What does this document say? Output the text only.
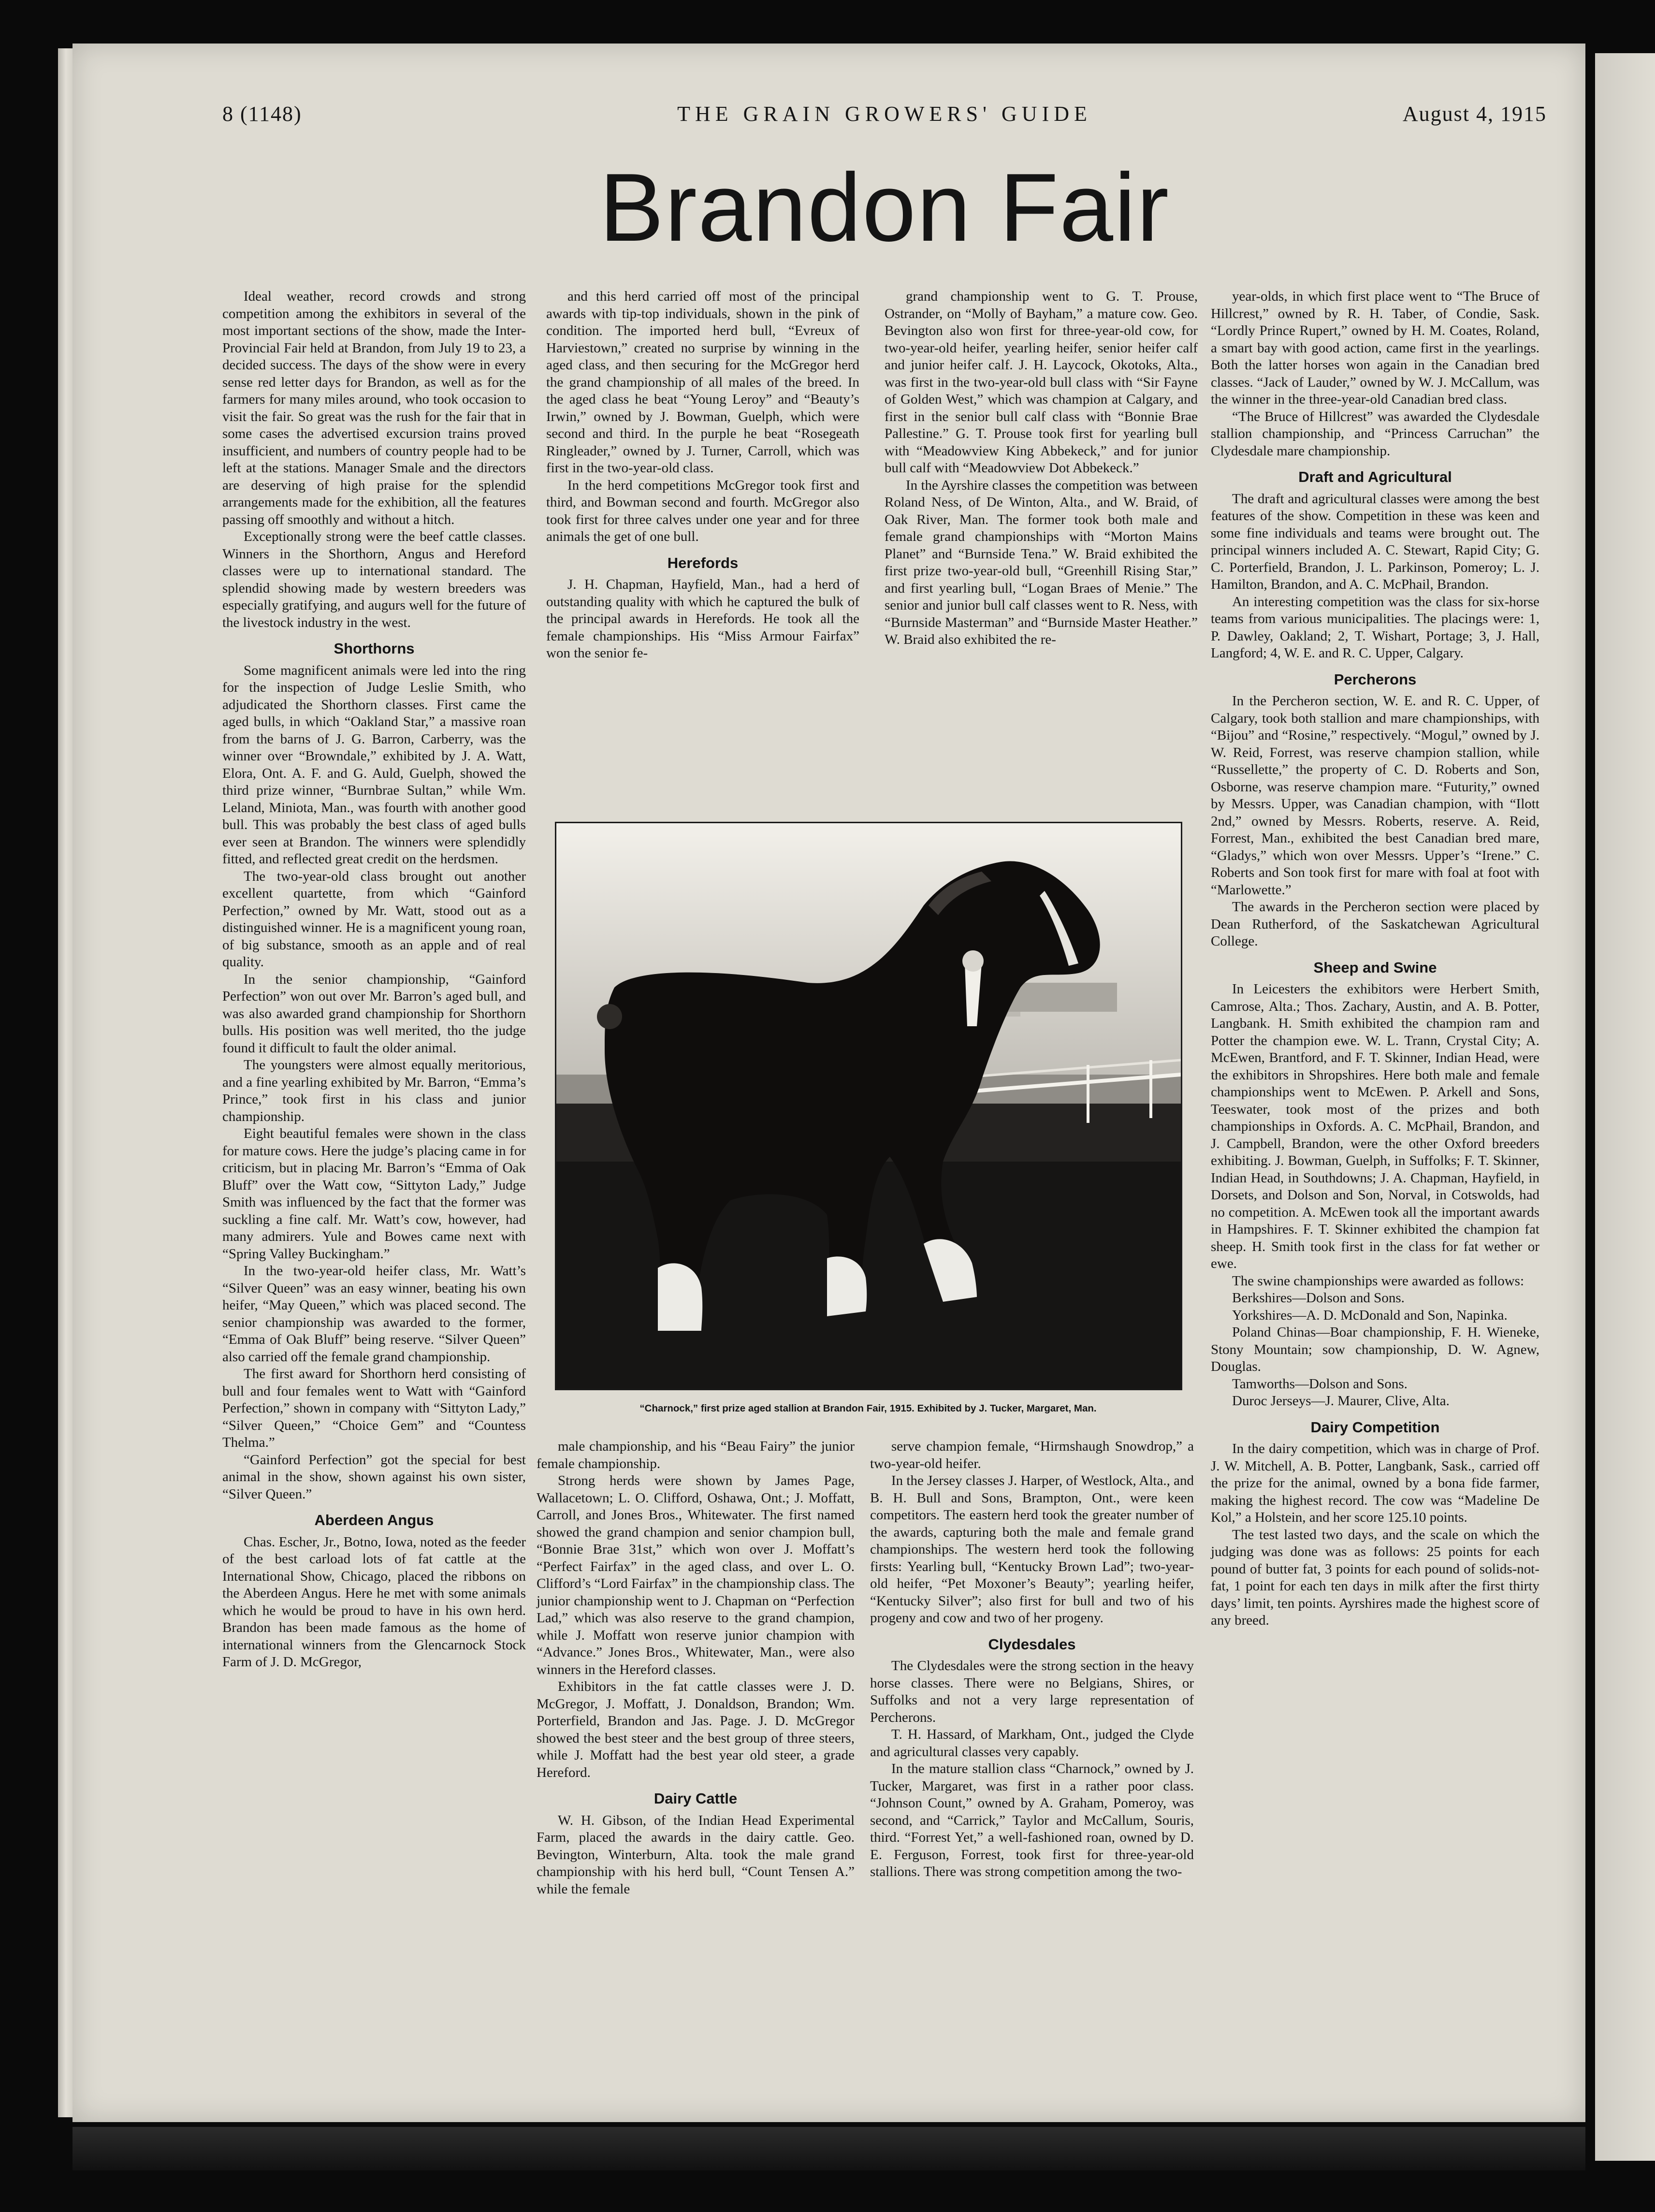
8 (1148)	THE GRAIN GROWERS' GUIDE	August 4, 1915
Brandon Fair

Ideal weather, record crowds and strong competition among the exhibitors in several of the most important sections of the show, made the Inter-Provincial Fair held at Brandon, from July 19 to 23, a decided success. The days of the show were in every sense red letter days for Brandon, as well as for the farmers for many miles around, who took occasion to visit the fair. So great was the rush for the fair that in some cases the advertised excursion trains proved insufficient, and numbers of country people had to be left at the stations. Manager Smale and the directors are deserving of high praise for the splendid arrangements made for the exhibition, all the features passing off smoothly and without a hitch.

Exceptionally strong were the beef cattle classes. Winners in the Shorthorn, Angus and Hereford classes were up to international standard. The splendid showing made by western breeders was especially gratifying, and augurs well for the future of the livestock industry in the west.

Shorthorns

Some magnificent animals were led into the ring for the inspection of Judge Leslie Smith, who adjudicated the Shorthorn classes. First came the aged bulls, in which “Oakland Star,” a massive roan from the barns of J. G. Barron, Carberry, was the winner over “Browndale,” exhibited by J. A. Watt, Elora, Ont. A. F. and G. Auld, Guelph, showed the third prize winner, “Burnbrae Sultan,” while Wm. Leland, Miniota, Man., was fourth with another good bull. This was probably the best class of aged bulls ever seen at Brandon. The winners were splendidly fitted, and reflected great credit on the herdsmen.

The two-year-old class brought out another excellent quartette, from which “Gainford Perfection,” owned by Mr. Watt, stood out as a distinguished winner. He is a magnificent young roan, of big substance, smooth as an apple and of real quality.

In the senior championship, “Gainford Perfection” won out over Mr. Barron’s aged bull, and was also awarded grand championship for Shorthorn bulls. His position was well merited, tho the judge found it difficult to fault the older animal.

The youngsters were almost equally meritorious, and a fine yearling exhibited by Mr. Barron, “Emma’s Prince,” took first in his class and junior championship.

Eight beautiful females were shown in the class for mature cows. Here the judge’s placing came in for criticism, but in placing Mr. Barron’s “Emma of Oak Bluff” over the Watt cow, “Sittyton Lady,” Judge Smith was influenced by the fact that the former was suckling a fine calf. Mr. Watt’s cow, however, had many admirers. Yule and Bowes came next with “Spring Valley Buckingham.”

In the two-year-old heifer class, Mr. Watt’s “Silver Queen” was an easy winner, beating his own heifer, “May Queen,” which was placed second. The senior championship was awarded to the former, “Emma of Oak Bluff” being reserve. “Silver Queen” also carried off the female grand championship.

The first award for Shorthorn herd consisting of bull and four females went to Watt with “Gainford Perfection,” shown in company with “Sittyton Lady,” “Silver Queen,” “Choice Gem” and “Countess Thelma.”

“Gainford Perfection” got the special for best animal in the show, shown against his own sister, “Silver Queen.”

Aberdeen Angus

Chas. Escher, Jr., Botno, Iowa, noted as the feeder of the best carload lots of fat cattle at the International Show, Chicago, placed the ribbons on the Aberdeen Angus. Here he met with some animals which he would be proud to have in his own herd. Brandon has been made famous as the home of international winners from the Glencarnock Stock Farm of J. D. McGregor,

and this herd carried off most of the principal awards with tip-top individuals, shown in the pink of condition. The imported herd bull, “Evreux of Harviestown,” created no surprise by winning in the aged class, and then securing for the McGregor herd the grand championship of all males of the breed. In the aged class he beat “Young Leroy” and “Beauty’s Irwin,” owned by J. Bowman, Guelph, which were second and third. In the purple he beat “Rosegeath Ringleader,” owned by J. Turner, Carroll, which was first in the two-year-old class.

In the herd competitions McGregor took first and third, and Bowman second and fourth. McGregor also took first for three calves under one year and for three animals the get of one bull.

Herefords

J. H. Chapman, Hayfield, Man., had a herd of outstanding quality with which he captured the bulk of the principal awards in Herefords. He took all the female championships. His “Miss Armour Fairfax” won the senior fe-

grand championship went to G. T. Prouse, Ostrander, on “Molly of Bayham,” a mature cow. Geo. Bevington also won first for three-year-old cow, for two-year-old heifer, yearling heifer, senior heifer calf and junior heifer calf. J. H. Laycock, Okotoks, Alta., was first in the two-year-old bull class with “Sir Fayne of Golden West,” which was champion at Calgary, and first in the senior bull calf class with “Bonnie Brae Pallestine.” G. T. Prouse took first for yearling bull with “Meadowview King Abbekeck,” and for junior bull calf with “Meadowview Dot Abbekeck.”

In the Ayrshire classes the competition was between Roland Ness, of De Winton, Alta., and W. Braid, of Oak River, Man. The former took both male and female grand championships with “Morton Mains Planet” and “Burnside Tena.” W. Braid exhibited the first prize two-year-old bull, “Greenhill Rising Star,” and first yearling bull, “Logan Braes of Menie.” The senior and junior bull calf classes went to R. Ness, with “Burnside Masterman” and “Burnside Master Heather.” W. Braid also exhibited the re-

year-olds, in which first place went to “The Bruce of Hillcrest,” owned by R. H. Taber, of Condie, Sask. “Lordly Prince Rupert,” owned by H. M. Coates, Roland, a smart bay with good action, came first in the yearlings. Both the latter horses won again in the Canadian bred classes. “Jack of Lauder,” owned by W. J. McCallum, was the winner in the three-year-old Canadian bred class.

“The Bruce of Hillcrest” was awarded the Clydesdale stallion championship, and “Princess Carruchan” the Clydesdale mare championship.

Draft and Agricultural

The draft and agricultural classes were among the best features of the show. Competition in these was keen and some fine individuals and teams were brought out. The principal winners included A. C. Stewart, Rapid City; G. C. Porterfield, Brandon, J. L. Parkinson, Pomeroy; L. J. Hamilton, Brandon, and A. C. McPhail, Brandon.

An interesting competition was the class for six-horse teams from various municipalities. The placings were: 1, P. Dawley, Oakland; 2, T. Wishart, Portage; 3, J. Hall, Langford; 4, W. E. and R. C. Upper, Calgary.

Percherons

In the Percheron section, W. E. and R. C. Upper, of Calgary, took both stallion and mare championships, with “Bijou” and “Rosine,” respectively. “Mogul,” owned by J. W. Reid, Forrest, was reserve champion stallion, while “Russellette,” the property of C. D. Roberts and Son, Osborne, was reserve champion mare. “Futurity,” owned by Messrs. Upper, was Canadian champion, with “Ilott 2nd,” owned by Messrs. Roberts, reserve. A. Reid, Forrest, Man., exhibited the best Canadian bred mare, “Gladys,” which won over Messrs. Upper’s “Irene.” C. Roberts and Son took first for mare with foal at foot with “Marlowette.”

The awards in the Percheron section were placed by Dean Rutherford, of the Saskatchewan Agricultural College.

Sheep and Swine

In Leicesters the exhibitors were Herbert Smith, Camrose, Alta.; Thos. Zachary, Austin, and A. B. Potter, Langbank. H. Smith exhibited the champion ram and Potter the champion ewe. W. L. Trann, Crystal City; A. McEwen, Brantford, and F. T. Skinner, Indian Head, were the exhibitors in Shropshires. Here both male and female championships went to McEwen. P. Arkell and Sons, Teeswater, took most of the prizes and both championships in Oxfords. A. C. McPhail, Brandon, and J. Campbell, Brandon, were the other Oxford breeders exhibiting. J. Bowman, Guelph, in Suffolks; F. T. Skinner, Indian Head, in Southdowns; J. A. Chapman, Hayfield, in Dorsets, and Dolson and Son, Norval, in Cotswolds, had no competition. A. McEwen took all the important awards in Hampshires. F. T. Skinner exhibited the champion fat sheep. H. Smith took first in the class for fat wether or ewe.

The swine championships were awarded as follows:

Berkshires—Dolson and Sons.

Yorkshires—A. D. McDonald and Son, Napinka.

Poland Chinas—Boar championship, F. H. Wieneke, Stony Mountain; sow championship, D. W. Agnew, Douglas.

Tamworths—Dolson and Sons.

Duroc Jerseys—J. Maurer, Clive, Alta.

Dairy Competition

In the dairy competition, which was in charge of Prof. J. W. Mitchell, A. B. Potter, Langbank, Sask., carried off the prize for the animal, owned by a bona fide farmer, making the highest record. The cow was “Madeline De Kol,” a Holstein, and her score 125.10 points.

The test lasted two days, and the scale on which the judging was done was as follows: 25 points for each pound of butter fat, 3 points for each pound of solids-not-fat, 1 point for each ten days in milk after the first thirty days’ limit, ten points. Ayrshires made the highest score of any breed.

“Charnock,” first prize aged stallion at Brandon Fair, 1915. Exhibited by J. Tucker, Margaret, Man.

male championship, and his “Beau Fairy” the junior female championship.

Strong herds were shown by James Page, Wallacetown; L. O. Clifford, Oshawa, Ont.; J. Moffatt, Carroll, and Jones Bros., Whitewater. The first named showed the grand champion and senior champion bull, “Bonnie Brae 31st,” which won over J. Moffatt’s “Perfect Fairfax” in the aged class, and over L. O. Clifford’s “Lord Fairfax” in the championship class. The junior championship went to J. Chapman on “Perfection Lad,” which was also reserve to the grand champion, while J. Moffatt won reserve junior champion with “Advance.” Jones Bros., Whitewater, Man., were also winners in the Hereford classes.

Exhibitors in the fat cattle classes were J. D. McGregor, J. Moffatt, J. Donaldson, Brandon; Wm. Porterfield, Brandon and Jas. Page. J. D. McGregor showed the best steer and the best group of three steers, while J. Moffatt had the best year old steer, a grade Hereford.

Dairy Cattle

W. H. Gibson, of the Indian Head Experimental Farm, placed the awards in the dairy cattle. Geo. Bevington, Winterburn, Alta. took the male grand championship with his herd bull, “Count Tensen A.” while the female

serve champion female, “Hirmshaugh Snowdrop,” a two-year-old heifer.

In the Jersey classes J. Harper, of Westlock, Alta., and B. H. Bull and Sons, Brampton, Ont., were keen competitors. The eastern herd took the greater number of the awards, capturing both the male and female grand championships. The western herd took the following firsts: Yearling bull, “Kentucky Brown Lad”; two-year-old heifer, “Pet Moxoner’s Beauty”; yearling heifer, “Kentucky Silver”; also first for bull and two of his progeny and cow and two of her progeny.

Clydesdales

The Clydesdales were the strong section in the heavy horse classes. There were no Belgians, Shires, or Suffolks and not a very large representation of Percherons.

T. H. Hassard, of Markham, Ont., judged the Clyde and agricultural classes very capably.

In the mature stallion class “Charnock,” owned by J. Tucker, Margaret, was first in a rather poor class. “Johnson Count,” owned by A. Graham, Pomeroy, was second, and “Carrick,” Taylor and McCallum, Souris, third. “Forrest Yet,” a well-fashioned roan, owned by D. E. Ferguson, Forrest, took first for three-year-old stallions. There was strong competition among the two-
